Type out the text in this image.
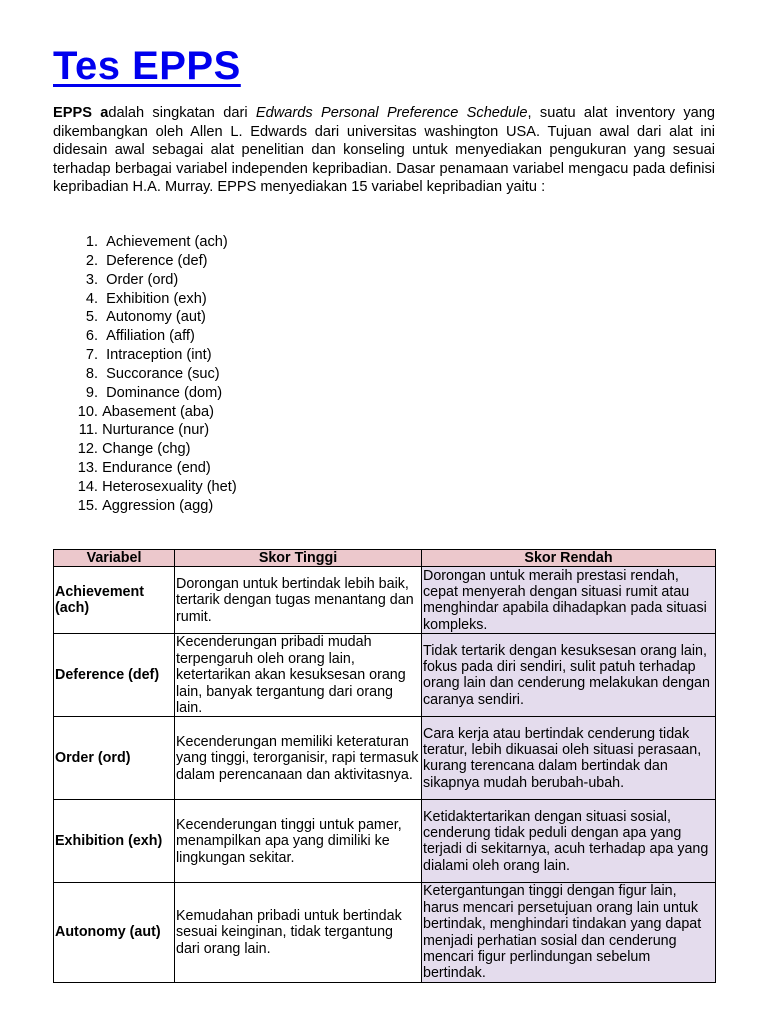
Tes EPPS
EPPS adalah singkatan dari Edwards Personal Preference Schedule, suatu alat inventory yang dikembangkan oleh Allen L. Edwards dari universitas washington USA. Tujuan awal dari alat ini didesain awal sebagai alat penelitian dan konseling untuk menyediakan pengukuran yang sesuai terhadap berbagai variabel independen kepribadian. Dasar penamaan variabel mengacu pada definisi kepribadian H.A. Murray. EPPS menyediakan 15 variabel kepribadian yaitu :
1.
Achievement (ach)
2.
Deference (def)
3.
Order (ord)
4.
Exhibition (exh)
5.
Autonomy (aut)
6.
Affiliation (aff)
7.
Intraception (int)
8.
Succorance (suc)
9.
Dominance (dom)
10.
Abasement (aba)
11.
Nurturance (nur)
12.
Change (chg)
13.
Endurance (end)
14.
Heterosexuality (het)
15.
Aggression (agg)
Variabel	Skor Tinggi	Skor Rendah
Achievement (ach)	Dorongan untuk bertindak lebih baik, tertarik dengan tugas menantang dan rumit.	Dorongan untuk meraih prestasi rendah, cepat menyerah dengan situasi rumit atau menghindar apabila dihadapkan pada situasi kompleks.
Deference (def)	Kecenderungan pribadi mudah terpengaruh oleh orang lain, ketertarikan akan kesuksesan orang lain, banyak tergantung dari orang lain.	Tidak tertarik dengan kesuksesan orang lain, fokus pada diri sendiri, sulit patuh terhadap orang lain dan cenderung melakukan dengan caranya sendiri.
Order (ord)	Kecenderungan memiliki keteraturan yang tinggi, terorganisir, rapi termasuk dalam perencanaan dan aktivitasnya.	Cara kerja atau bertindak cenderung tidak teratur, lebih dikuasai oleh situasi perasaan, kurang terencana dalam bertindak dan sikapnya mudah berubah-ubah.
Exhibition (exh)	Kecenderungan tinggi untuk pamer, menampilkan apa yang dimiliki ke lingkungan sekitar.	Ketidaktertarikan dengan situasi sosial, cenderung tidak peduli dengan apa yang terjadi di sekitarnya, acuh terhadap apa yang dialami oleh orang lain.
Autonomy (aut)	Kemudahan pribadi untuk bertindak sesuai keinginan, tidak tergantung dari orang lain.	Ketergantungan tinggi dengan figur lain, harus mencari persetujuan orang lain untuk bertindak, menghindari tindakan yang dapat menjadi perhatian sosial dan cenderung mencari figur perlindungan sebelum bertindak.
